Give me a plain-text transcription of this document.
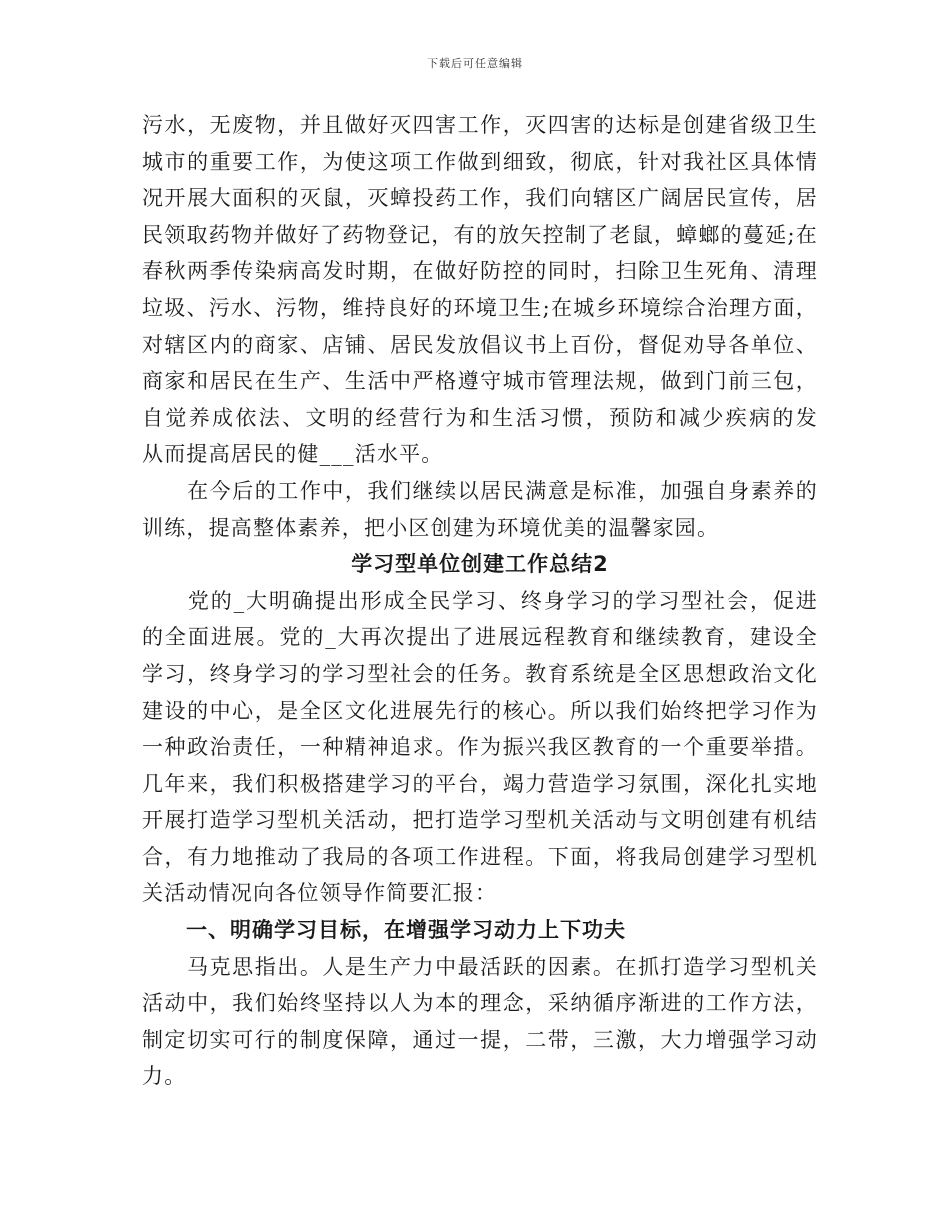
下载后可任意编辑
污水，无废物，并且做好灭四害工作，灭四害的达标是创建省级卫生
城市的重要工作，为使这项工作做到细致，彻底，针对我社区具体情
况开展大面积的灭鼠，灭蟑投药工作，我们向辖区广阔居民宣传，居
民领取药物并做好了药物登记，有的放矢控制了老鼠，蟑螂的蔓延;在
春秋两季传染病高发时期，在做好防控的同时，扫除卫生死角、清理
垃圾、污水、污物，维持良好的环境卫生;在城乡环境综合治理方面，
对辖区内的商家、店铺、居民发放倡议书上百份，督促劝导各单位、
商家和居民在生产、生活中严格遵守城市管理法规，做到门前三包，
自觉养成依法、文明的经营行为和生活习惯，预防和减少疾病的发
从而提高居民的健___活水平。
　　在今后的工作中，我们继续以居民满意是标准，加强自身素养的
训练，提高整体素养，把小区创建为环境优美的温馨家园。
学习型单位创建工作总结2
　　党的_大明确提出形成全民学习、终身学习的学习型社会，促进
的全面进展。党的_大再次提出了进展远程教育和继续教育，建设全
学习，终身学习的学习型社会的任务。教育系统是全区思想政治文化
建设的中心，是全区文化进展先行的核心。所以我们始终把学习作为
一种政治责任，一种精神追求。作为振兴我区教育的一个重要举措。
几年来，我们积极搭建学习的平台，竭力营造学习氛围，深化扎实地
开展打造学习型机关活动，把打造学习型机关活动与文明创建有机结
合，有力地推动了我局的各项工作进程。下面，将我局创建学习型机
关活动情况向各位领导作简要汇报：
　　一、明确学习目标，在增强学习动力上下功夫
　　马克思指出。人是生产力中最活跃的因素。在抓打造学习型机关
活动中，我们始终坚持以人为本的理念，采纳循序渐进的工作方法，
制定切实可行的制度保障，通过一提，二带，三激，大力增强学习动
力。
